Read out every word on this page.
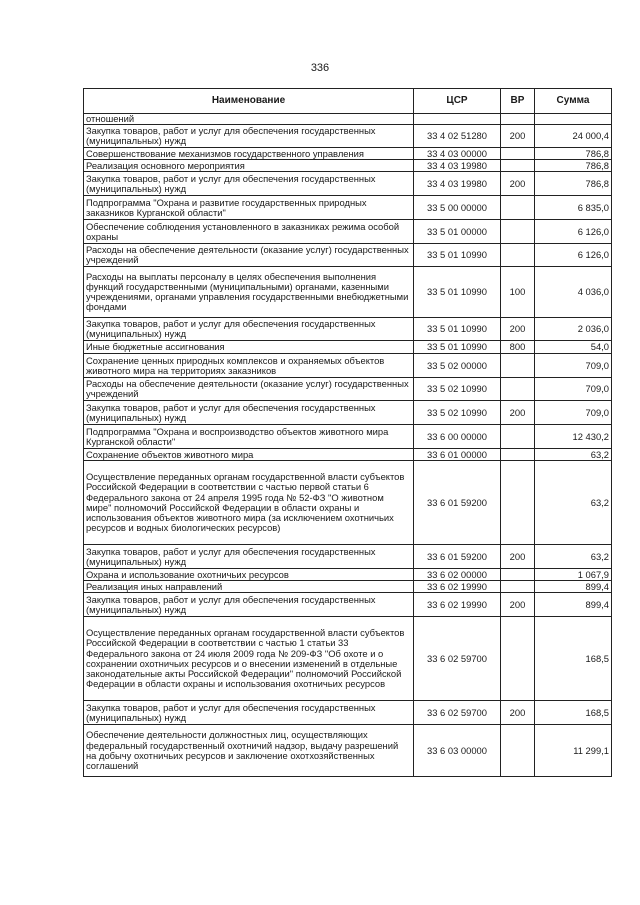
336
Наименование	ЦСР	ВР	Сумма
отношений			
Закупка товаров, работ и услуг для обеспечения государственных (муниципальных) нужд	33 4 02 51280	200	24 000,4
Совершенствование механизмов государственного управления	33 4 03 00000		786,8
Реализация основного мероприятия	33 4 03 19980		786,8
Закупка товаров, работ и услуг для обеспечения государственных (муниципальных) нужд	33 4 03 19980	200	786,8
Подпрограмма "Охрана и развитие государственных природных заказников Курганской области"	33 5 00 00000		6 835,0
Обеспечение соблюдения установленного в заказниках режима особой охраны	33 5 01 00000		6 126,0
Расходы на обеспечение деятельности (оказание услуг) государственных учреждений	33 5 01 10990		6 126,0
Расходы на выплаты персоналу в целях обеспечения выполнения функций государственными (муниципальными) органами, казенными учреждениями, органами управления государственными внебюджетными фондами	33 5 01 10990	100	4 036,0
Закупка товаров, работ и услуг для обеспечения государственных (муниципальных) нужд	33 5 01 10990	200	2 036,0
Иные бюджетные ассигнования	33 5 01 10990	800	54,0
Сохранение ценных природных комплексов и охраняемых объектов животного мира на территориях заказников	33 5 02 00000		709,0
Расходы на обеспечение деятельности (оказание услуг) государственных учреждений	33 5 02 10990		709,0
Закупка товаров, работ и услуг для обеспечения государственных (муниципальных) нужд	33 5 02 10990	200	709,0
Подпрограмма "Охрана и воспроизводство объектов животного мира Курганской области"	33 6 00 00000		12 430,2
Сохранение объектов животного мира	33 6 01 00000		63,2
Осуществление переданных органам государственной власти субъектов Российской Федерации в соответствии с частью первой статьи 6 Федерального закона от 24 апреля 1995 года № 52-ФЗ "О животном мире" полномочий Российской Федерации в области охраны и использования объектов животного мира (за исключением охотничьих ресурсов и водных биологических ресурсов)	33 6 01 59200		63,2
Закупка товаров, работ и услуг для обеспечения государственных (муниципальных) нужд	33 6 01 59200	200	63,2
Охрана и использование охотничьих ресурсов	33 6 02 00000		1 067,9
Реализация иных направлений	33 6 02 19990		899,4
Закупка товаров, работ и услуг для обеспечения государственных (муниципальных) нужд	33 6 02 19990	200	899,4
Осуществление переданных органам государственной власти субъектов Российской Федерации в соответствии с частью 1 статьи 33 Федерального закона от 24 июля 2009 года № 209-ФЗ "Об охоте и о сохранении охотничьих ресурсов и о внесении изменений в отдельные законодательные акты Российской Федерации" полномочий Российской Федерации в области охраны и использования охотничьих ресурсов	33 6 02 59700		168,5
Закупка товаров, работ и услуг для обеспечения государственных (муниципальных) нужд	33 6 02 59700	200	168,5
Обеспечение деятельности должностных лиц, осуществляющих федеральный государственный охотничий надзор, выдачу разрешений на добычу охотничьих ресурсов и заключение охотхозяйственных соглашений	33 6 03 00000		11 299,1
